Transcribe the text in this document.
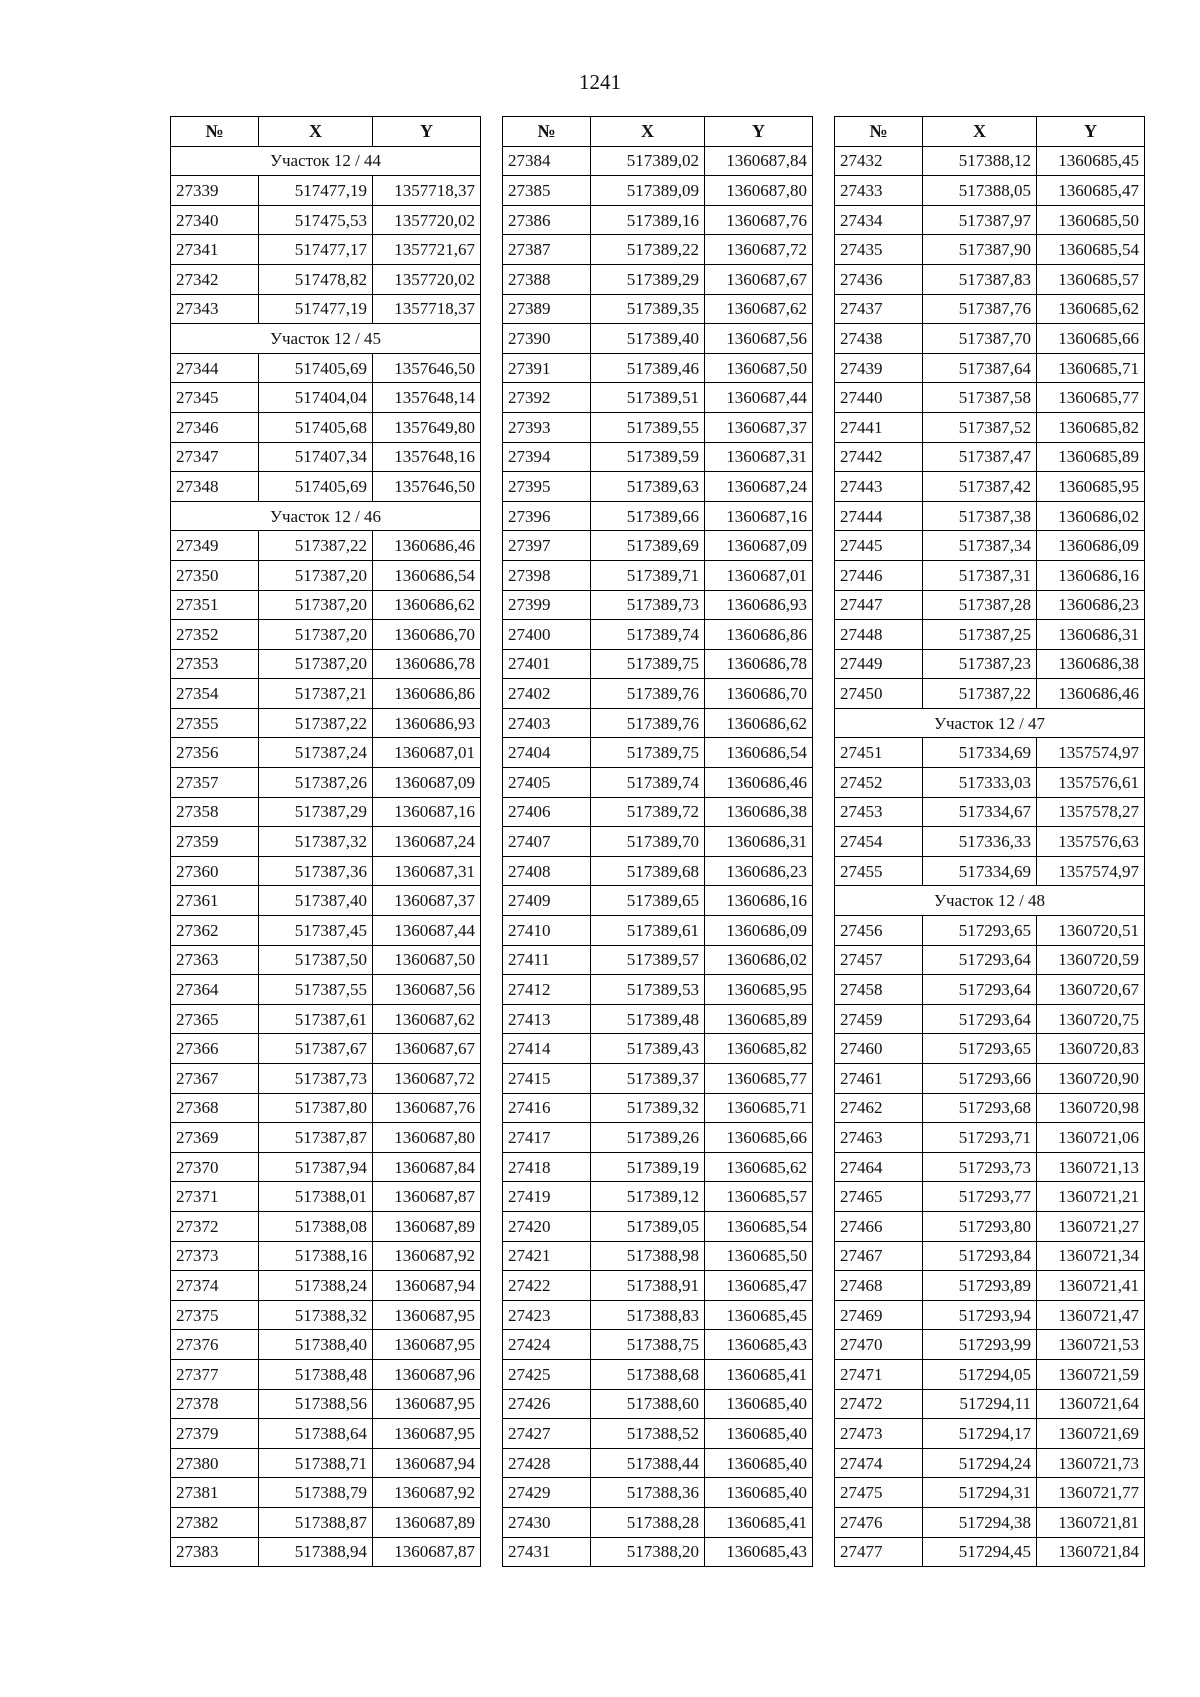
1241
№	X	Y
Участок 12 / 44		
27339	517477,19	1357718,37
27340	517475,53	1357720,02
27341	517477,17	1357721,67
27342	517478,82	1357720,02
27343	517477,19	1357718,37
Участок 12 / 45		
27344	517405,69	1357646,50
27345	517404,04	1357648,14
27346	517405,68	1357649,80
27347	517407,34	1357648,16
27348	517405,69	1357646,50
Участок 12 / 46		
27349	517387,22	1360686,46
27350	517387,20	1360686,54
27351	517387,20	1360686,62
27352	517387,20	1360686,70
27353	517387,20	1360686,78
27354	517387,21	1360686,86
27355	517387,22	1360686,93
27356	517387,24	1360687,01
27357	517387,26	1360687,09
27358	517387,29	1360687,16
27359	517387,32	1360687,24
27360	517387,36	1360687,31
27361	517387,40	1360687,37
27362	517387,45	1360687,44
27363	517387,50	1360687,50
27364	517387,55	1360687,56
27365	517387,61	1360687,62
27366	517387,67	1360687,67
27367	517387,73	1360687,72
27368	517387,80	1360687,76
27369	517387,87	1360687,80
27370	517387,94	1360687,84
27371	517388,01	1360687,87
27372	517388,08	1360687,89
27373	517388,16	1360687,92
27374	517388,24	1360687,94
27375	517388,32	1360687,95
27376	517388,40	1360687,95
27377	517388,48	1360687,96
27378	517388,56	1360687,95
27379	517388,64	1360687,95
27380	517388,71	1360687,94
27381	517388,79	1360687,92
27382	517388,87	1360687,89
27383	517388,94	1360687,87
№	X	Y
27384	517389,02	1360687,84
27385	517389,09	1360687,80
27386	517389,16	1360687,76
27387	517389,22	1360687,72
27388	517389,29	1360687,67
27389	517389,35	1360687,62
27390	517389,40	1360687,56
27391	517389,46	1360687,50
27392	517389,51	1360687,44
27393	517389,55	1360687,37
27394	517389,59	1360687,31
27395	517389,63	1360687,24
27396	517389,66	1360687,16
27397	517389,69	1360687,09
27398	517389,71	1360687,01
27399	517389,73	1360686,93
27400	517389,74	1360686,86
27401	517389,75	1360686,78
27402	517389,76	1360686,70
27403	517389,76	1360686,62
27404	517389,75	1360686,54
27405	517389,74	1360686,46
27406	517389,72	1360686,38
27407	517389,70	1360686,31
27408	517389,68	1360686,23
27409	517389,65	1360686,16
27410	517389,61	1360686,09
27411	517389,57	1360686,02
27412	517389,53	1360685,95
27413	517389,48	1360685,89
27414	517389,43	1360685,82
27415	517389,37	1360685,77
27416	517389,32	1360685,71
27417	517389,26	1360685,66
27418	517389,19	1360685,62
27419	517389,12	1360685,57
27420	517389,05	1360685,54
27421	517388,98	1360685,50
27422	517388,91	1360685,47
27423	517388,83	1360685,45
27424	517388,75	1360685,43
27425	517388,68	1360685,41
27426	517388,60	1360685,40
27427	517388,52	1360685,40
27428	517388,44	1360685,40
27429	517388,36	1360685,40
27430	517388,28	1360685,41
27431	517388,20	1360685,43
№	X	Y
27432	517388,12	1360685,45
27433	517388,05	1360685,47
27434	517387,97	1360685,50
27435	517387,90	1360685,54
27436	517387,83	1360685,57
27437	517387,76	1360685,62
27438	517387,70	1360685,66
27439	517387,64	1360685,71
27440	517387,58	1360685,77
27441	517387,52	1360685,82
27442	517387,47	1360685,89
27443	517387,42	1360685,95
27444	517387,38	1360686,02
27445	517387,34	1360686,09
27446	517387,31	1360686,16
27447	517387,28	1360686,23
27448	517387,25	1360686,31
27449	517387,23	1360686,38
27450	517387,22	1360686,46
Участок 12 / 47		
27451	517334,69	1357574,97
27452	517333,03	1357576,61
27453	517334,67	1357578,27
27454	517336,33	1357576,63
27455	517334,69	1357574,97
Участок 12 / 48		
27456	517293,65	1360720,51
27457	517293,64	1360720,59
27458	517293,64	1360720,67
27459	517293,64	1360720,75
27460	517293,65	1360720,83
27461	517293,66	1360720,90
27462	517293,68	1360720,98
27463	517293,71	1360721,06
27464	517293,73	1360721,13
27465	517293,77	1360721,21
27466	517293,80	1360721,27
27467	517293,84	1360721,34
27468	517293,89	1360721,41
27469	517293,94	1360721,47
27470	517293,99	1360721,53
27471	517294,05	1360721,59
27472	517294,11	1360721,64
27473	517294,17	1360721,69
27474	517294,24	1360721,73
27475	517294,31	1360721,77
27476	517294,38	1360721,81
27477	517294,45	1360721,84
